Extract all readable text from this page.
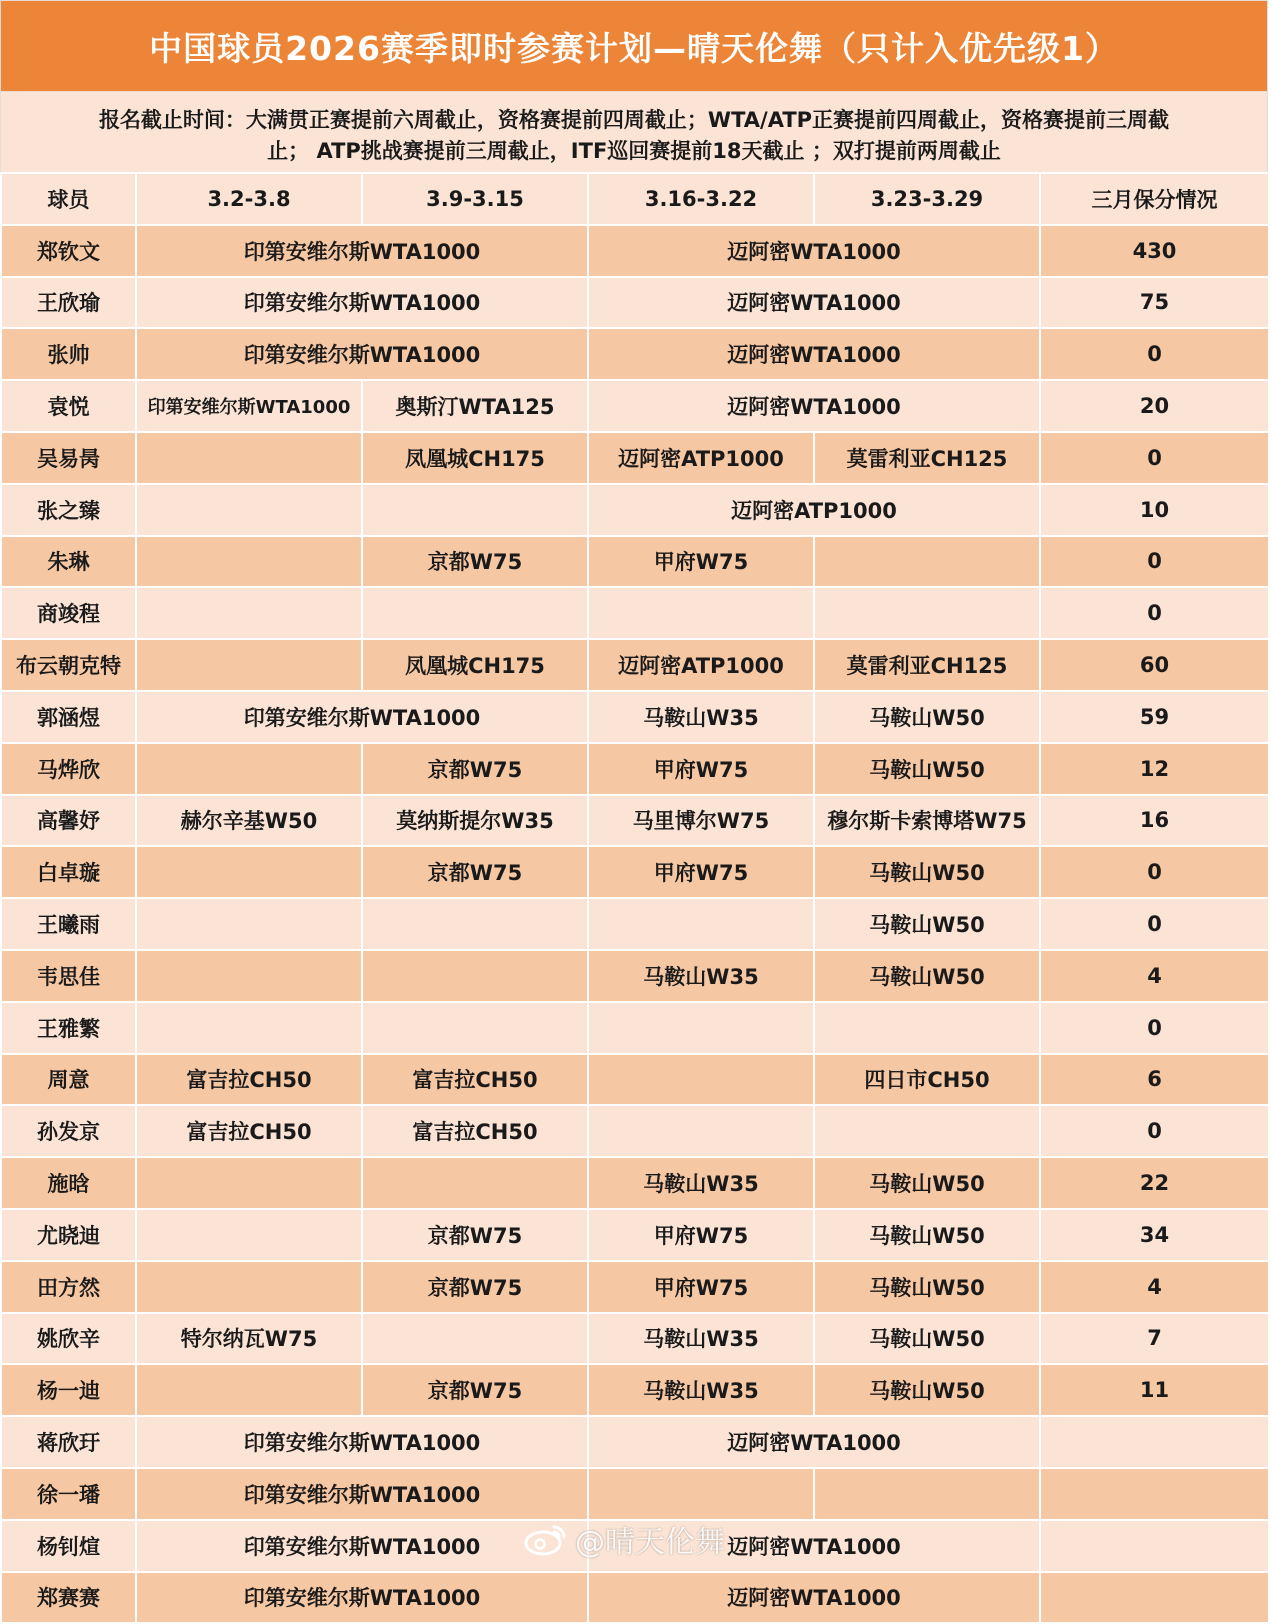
中国球员2026赛季即时参赛计划—晴天伦舞（只计入优先级1）
报名截止时间：大满贯正赛提前六周截止，资格赛提前四周截止；WTA/ATP正赛提前四周截止，资格赛提前三周截
止； ATP挑战赛提前三周截止，ITF巡回赛提前18天截止 ；双打提前两周截止
球员	3.2-3.8	3.9-3.15	3.16-3.22	3.23-3.29	三月保分情况
郑钦文	印第安维尔斯WTA1000		迈阿密WTA1000		430
王欣瑜	印第安维尔斯WTA1000		迈阿密WTA1000		75
张帅	印第安维尔斯WTA1000		迈阿密WTA1000		0
袁悦	印第安维尔斯WTA1000	奥斯汀WTA125	迈阿密WTA1000		20
吴易昺		凤凰城CH175	迈阿密ATP1000	莫雷利亚CH125	0
张之臻			迈阿密ATP1000		10
朱琳		京都W75	甲府W75		0
商竣程					0
布云朝克特		凤凰城CH175	迈阿密ATP1000	莫雷利亚CH125	60
郭涵煜	印第安维尔斯WTA1000		马鞍山W35	马鞍山W50	59
马烨欣		京都W75	甲府W75	马鞍山W50	12
高馨妤	赫尔辛基W50	莫纳斯提尔W35	马里博尔W75	穆尔斯卡索博塔W75	16
白卓璇		京都W75	甲府W75	马鞍山W50	0
王曦雨				马鞍山W50	0
韦思佳			马鞍山W35	马鞍山W50	4
王雅繁					0
周意	富吉拉CH50	富吉拉CH50		四日市CH50	6
孙发京	富吉拉CH50	富吉拉CH50			0
施晗			马鞍山W35	马鞍山W50	22
尤晓迪		京都W75	甲府W75	马鞍山W50	34
田方然		京都W75	甲府W75	马鞍山W50	4
姚欣辛	特尔纳瓦W75		马鞍山W35	马鞍山W50	7
杨一迪		京都W75	马鞍山W35	马鞍山W50	11
蒋欣玗	印第安维尔斯WTA1000		迈阿密WTA1000		
徐一璠	印第安维尔斯WTA1000				
杨钊煊	印第安维尔斯WTA1000		迈阿密WTA1000		
郑赛赛	印第安维尔斯WTA1000		迈阿密WTA1000		
@晴天伦舞
